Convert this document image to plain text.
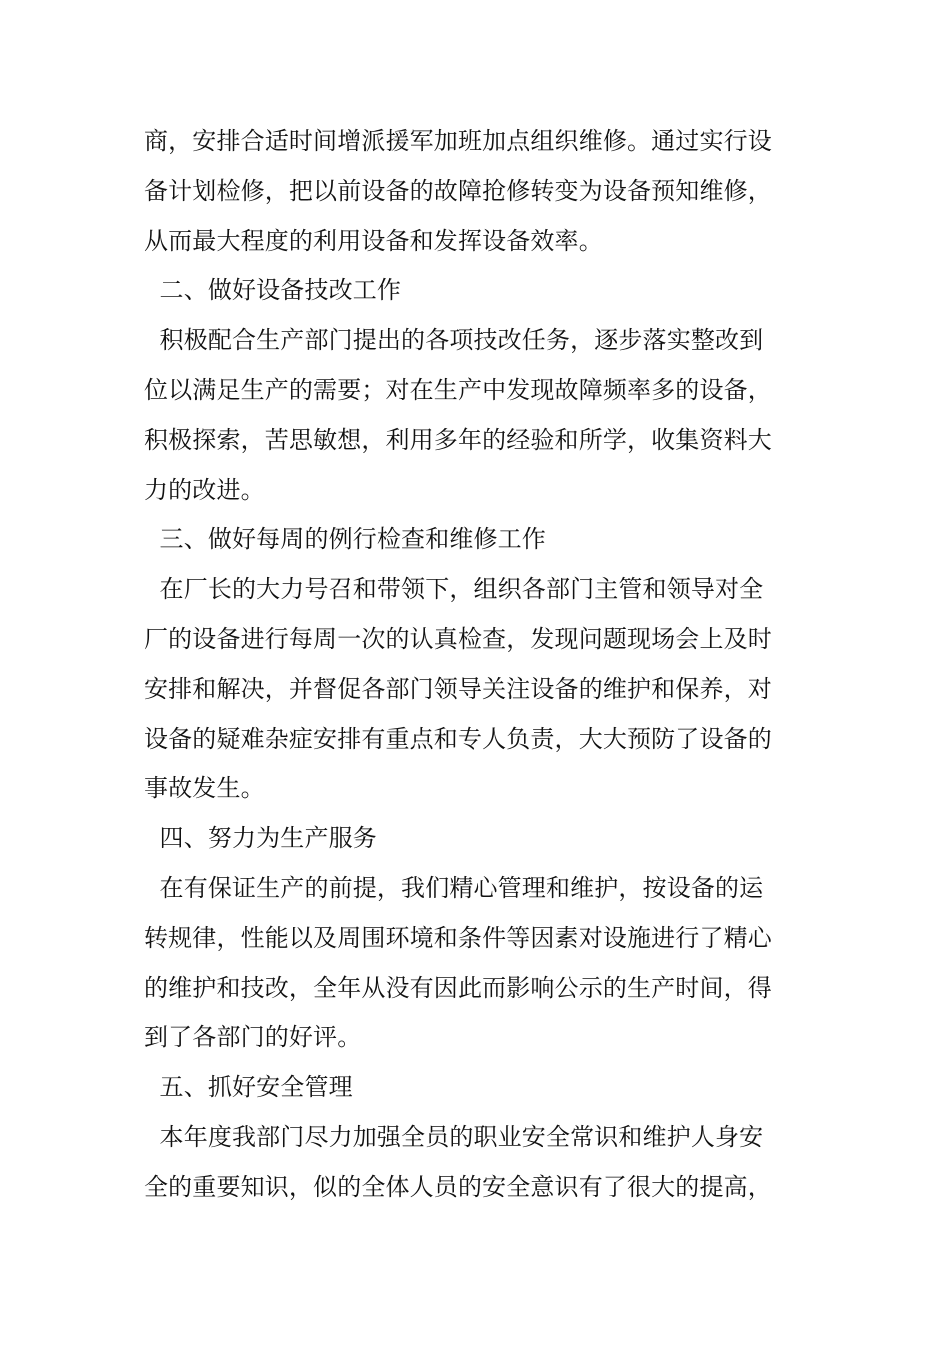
商，安排合适时间增派援军加班加点组织维修。通过实行设
备计划检修，把以前设备的故障抢修转变为设备预知维修，
从而最大程度的利用设备和发挥设备效率。
二、做好设备技改工作
积极配合生产部门提出的各项技改任务，逐步落实整改到
位以满足生产的需要；对在生产中发现故障频率多的设备，
积极探索，苦思敏想，利用多年的经验和所学，收集资料大
力的改进。
三、做好每周的例行检查和维修工作
在厂长的大力号召和带领下，组织各部门主管和领导对全
厂的设备进行每周一次的认真检查，发现问题现场会上及时
安排和解决，并督促各部门领导关注设备的维护和保养，对
设备的疑难杂症安排有重点和专人负责，大大预防了设备的
事故发生。
四、努力为生产服务
在有保证生产的前提，我们精心管理和维护，按设备的运
转规律，性能以及周围环境和条件等因素对设施进行了精心
的维护和技改，全年从没有因此而影响公示的生产时间，得
到了各部门的好评。
五、抓好安全管理
本年度我部门尽力加强全员的职业安全常识和维护人身安
全的重要知识，似的全体人员的安全意识有了很大的提高，
